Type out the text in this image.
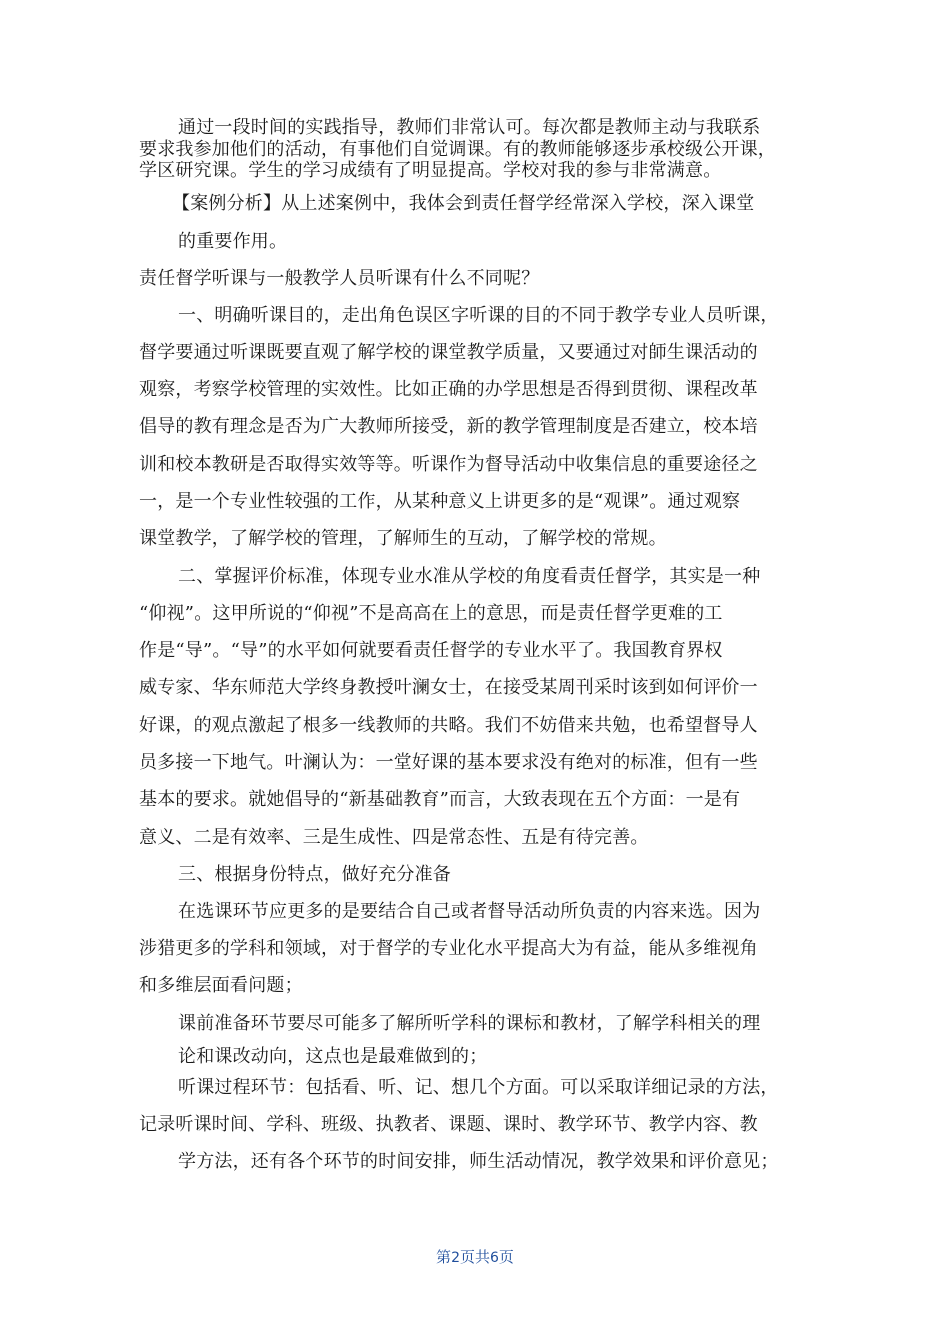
通过一段时间的实践指导，教师们非常认可。每次都是教师主动与我联系
要求我参加他们的活动，有事他们自觉调课。有的教师能够逐步承校级公开课，
学区研究课。学生的学习成绩有了明显提高。学校对我的参与非常满意。
【案例分析】从上述案例中，我体会到责任督学经常深入学校，深入课堂
的重要作用。
责任督学听课与一般教学人员听课有什么不同呢？
一、明确听课目的，走出角色误区字听课的目的不同于教学专业人员听课，
督学要通过听课既要直观了解学校的课堂教学质量，又要通过对師生课活动的
观察，考察学校管理的实效性。比如正确的办学思想是否得到贯彻、课程改革
倡导的教有理念是否为广大教师所接受，新的教学管理制度是否建立，校本培
训和校本教研是否取得实效等等。听课作为督导活动中收集信息的重要途径之
一，是一个专业性较强的工作，从某种意义上讲更多的是“观课”。通过观察
课堂教学，了解学校的管理，了解师生的互动，了解学校的常规。
二、掌握评价标准，体现专业水准从学校的角度看责任督学，其实是一种
“仰视”。这甲所说的“仰视”不是高高在上的意思，而是责任督学更难的工
作是“导”。“导”的水平如何就要看责任督学的专业水平了。我国教育界权
威专家、华东师范大学终身教授叶澜女士，在接受某周刊采时该到如何评价一
好课，的观点激起了根多一线教师的共略。我们不妨借来共勉，也希望督导人
员多接一下地气。叶澜认为：一堂好课的基本要求没有绝对的标准，但有一些
基本的要求。就她倡导的“新基础教育”而言，大致表现在五个方面：一是有
意义、二是有效率、三是生成性、四是常态性、五是有待完善。
三、根据身份特点，做好充分准备
在选课环节应更多的是要结合自己或者督导活动所负责的内容来选。因为
涉猎更多的学科和领域，对于督学的专业化水平提高大为有益，能从多维视角
和多维层面看问题；
课前准备环节要尽可能多了解所听学科的课标和教材，了解学科相关的理
论和课改动向，这点也是最难做到的；
听课过程环节：包括看、听、记、想几个方面。可以采取详细记录的方法，
记录听课时间、学科、班级、执教者、课题、课时、教学环节、教学内容、教
学方法，还有各个环节的时间安排，师生活动情况，教学效果和评价意见；
第2页共6页
